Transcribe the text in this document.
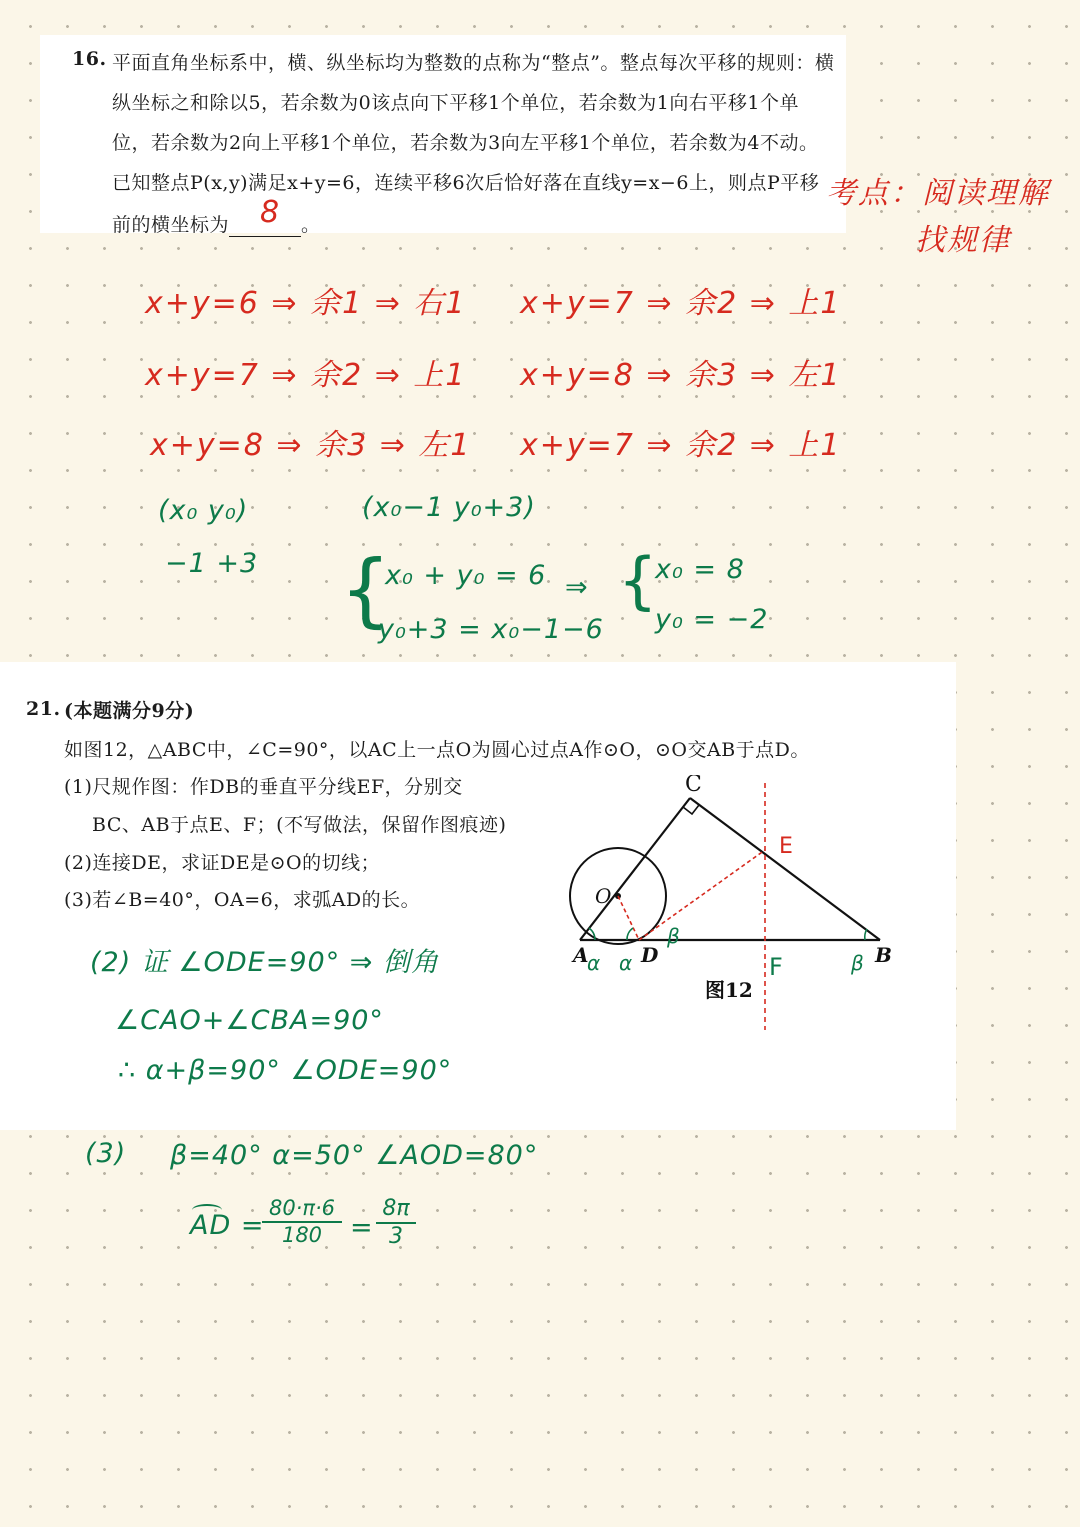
16. 平面直角坐标系中，横、纵坐标均为整数的点称为“整点”。整点每次平移的规则：横
纵坐标之和除以5，若余数为0该点向下平移1个单位，若余数为1向右平移1个单
位，若余数为2向上平移1个单位，若余数为3向左平移1个单位，若余数为4不动。
已知整点P(x,y)满足x+y=6，连续平移6次后恰好落在直线y=x−6上，则点P平移
前的横坐标为	。
8
考点：阅读理解
找规律
x+y=6 ⇒ 余1 ⇒ 右1 x+y=7 ⇒ 余2 ⇒ 上1
x+y=7 ⇒ 余2 ⇒ 上1 x+y=8 ⇒ 余3 ⇒ 左1
x+y=8 ⇒ 余3 ⇒ 左1 x+y=7 ⇒ 余2 ⇒ 上1
(x₀ y₀)
−1 +3
(x₀−1 y₀+3)
{
x₀ + y₀ = 6
y₀+3 = x₀−1−6
⇒ {
x₀ = 8
y₀ = −2
21. (本题满分9分)
如图12，△ABC中，∠C=90°，以AC上一点O为圆心过点A作⊙O，⊙O交AB于点D。
(1)尺规作图：作DB的垂直平分线EF，分别交
BC、AB于点E、F；(不写做法，保留作图痕迹)
(2)连接DE，求证DE是⊙O的切线；
(3)若∠B=40°，OA=6，求弧AD的长。
C
O
A	D	B
E
F
α α
β
β
图12
(2) 证 ∠ODE=90° ⇒ 倒角
∠CAO+∠CBA=90°
∴ α+β=90° ∠ODE=90°
(3) β=40° α=50° ∠AOD=80°
AD =
$\frac{80\cdot\pi\cdot 6}{180} = \frac{8\pi}{3}$
